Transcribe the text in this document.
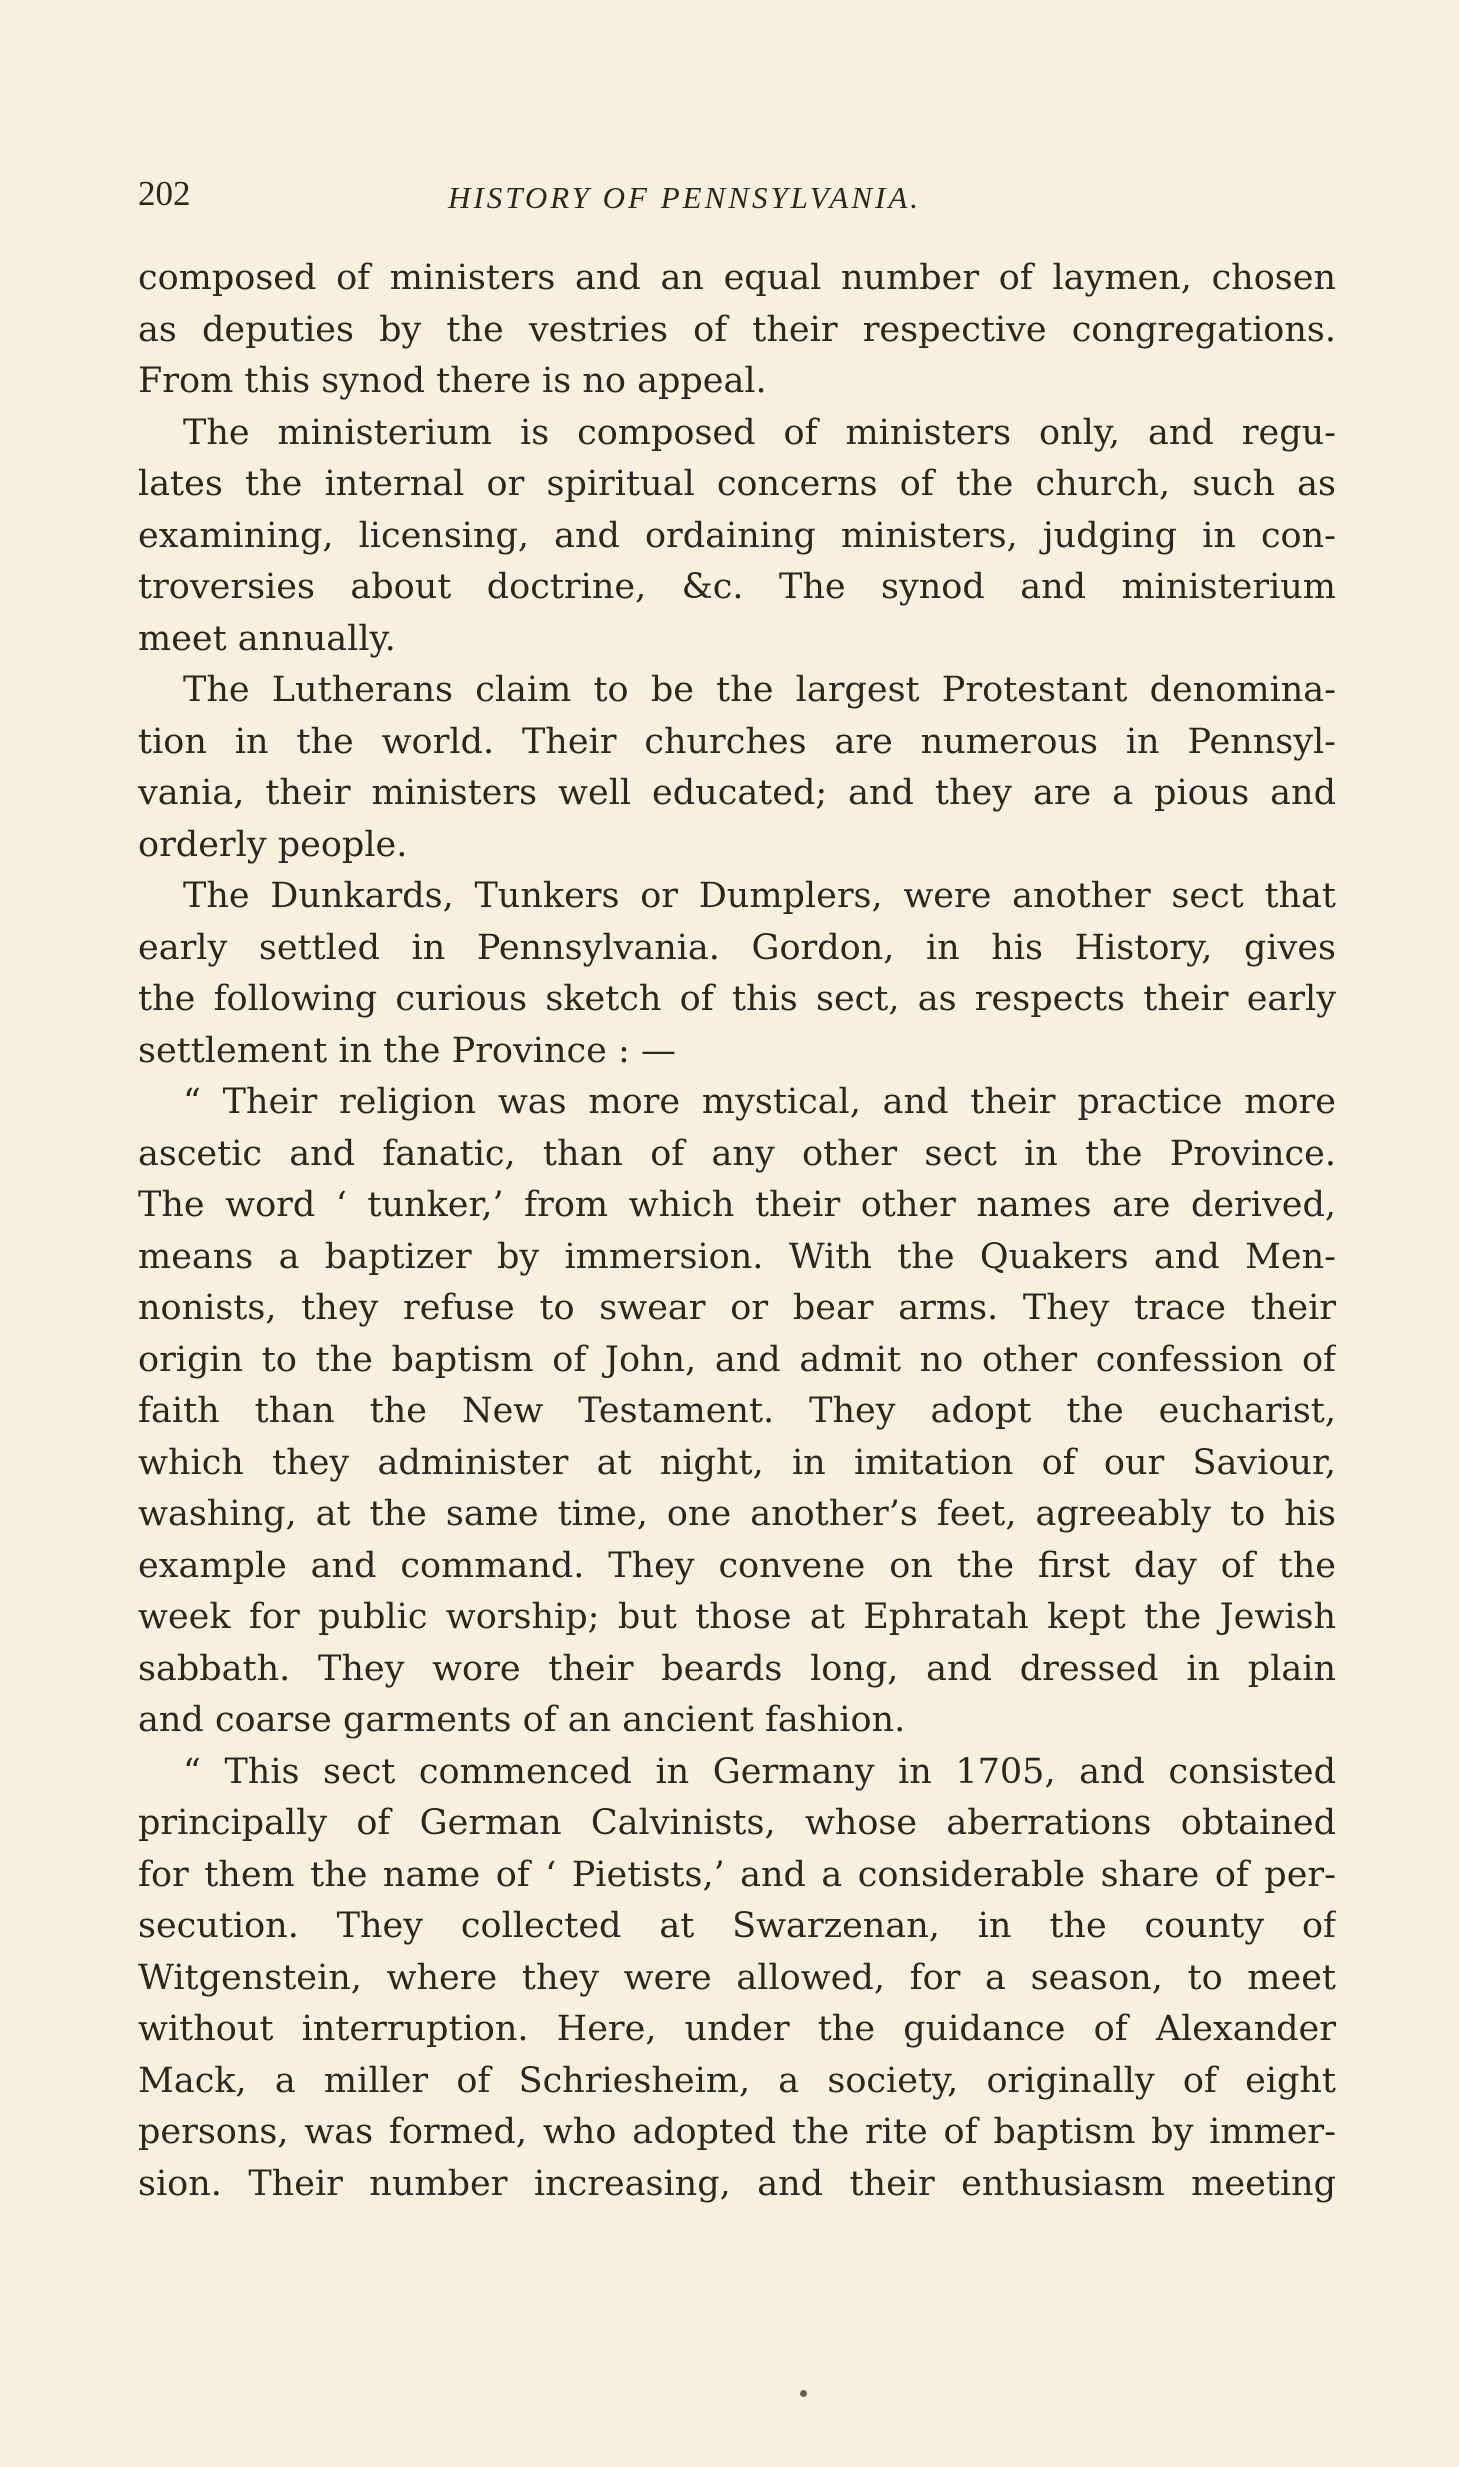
202	HISTORY OF PENNSYLVANIA.
composed of ministers and an equal number of laymen, chosen
as deputies by the vestries of their respective congregations.
From this synod there is no appeal.
The ministerium is composed of ministers only, and regu-
lates the internal or spiritual concerns of the church, such as
examining, licensing, and ordaining ministers, judging in con-
troversies about doctrine, &c. The synod and ministerium
meet annually.
The Lutherans claim to be the largest Protestant denomina-
tion in the world. Their churches are numerous in Pennsyl-
vania, their ministers well educated; and they are a pious and
orderly people.
The Dunkards, Tunkers or Dumplers, were another sect that
early settled in Pennsylvania. Gordon, in his History, gives
the following curious sketch of this sect, as respects their early
settlement in the Province : —
“ Their religion was more mystical, and their practice more
ascetic and fanatic, than of any other sect in the Province.
The word ‘ tunker,’ from which their other names are derived,
means a baptizer by immersion. With the Quakers and Men-
nonists, they refuse to swear or bear arms. They trace their
origin to the baptism of John, and admit no other confession of
faith than the New Testament. They adopt the eucharist,
which they administer at night, in imitation of our Saviour,
washing, at the same time, one another’s feet, agreeably to his
example and command. They convene on the first day of the
week for public worship; but those at Ephratah kept the Jewish
sabbath. They wore their beards long, and dressed in plain
and coarse garments of an ancient fashion.
“ This sect commenced in Germany in 1705, and consisted
principally of German Calvinists, whose aberrations obtained
for them the name of ‘ Pietists,’ and a considerable share of per-
secution. They collected at Swarzenan, in the county of
Witgenstein, where they were allowed, for a season, to meet
without interruption. Here, under the guidance of Alexander
Mack, a miller of Schriesheim, a society, originally of eight
persons, was formed, who adopted the rite of baptism by immer-
sion. Their number increasing, and their enthusiasm meeting
